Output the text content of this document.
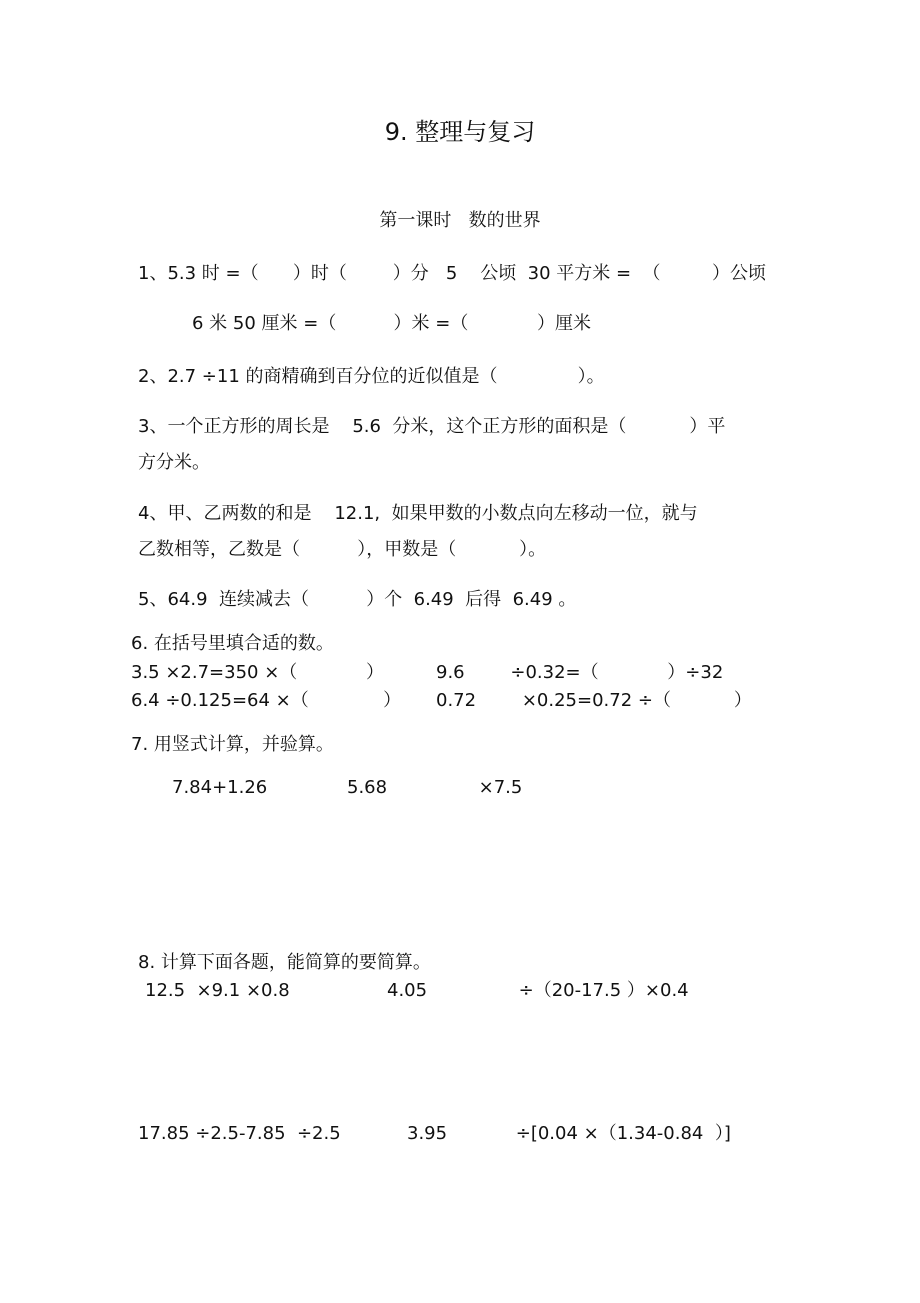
9. 整理与复习
第一课时   数的世界
1、5.3 时 =（      ）时（        ）分   5    公顷  30 平方米 =  （         ）公顷
6 米 50 厘米 =（          ）米 =（            ）厘米
2、2.7 ÷11 的商精确到百分位的近似值是（              ）。
3、一个正方形的周长是    5.6  分米，这个正方形的面积是（           ）平
方分米。
4、甲、乙两数的和是    12.1,  如果甲数的小数点向左移动一位，就与
乙数相等，乙数是（          ），甲数是（           ）。
5、64.9  连续减去（          ）个  6.49  后得  6.49 。
6. 在括号里填合适的数。
3.5 ×2.7=350 ×（            ）	9.6        ÷0.32=（            ）÷32
6.4 ÷0.125=64 ×（             ） 0.72        ×0.25=0.72 ÷（           ）
7. 用竖式计算，并验算。
7.84+1.26	5.68                ×7.5
8. 计算下面各题，能简算的要简算。
12.5  ×9.1 ×0.8	4.05                ÷（20-17.5 ）×0.4
17.85 ÷2.5-7.85  ÷2.5	3.95            ÷[0.04 ×（1.34-0.84  ）]
